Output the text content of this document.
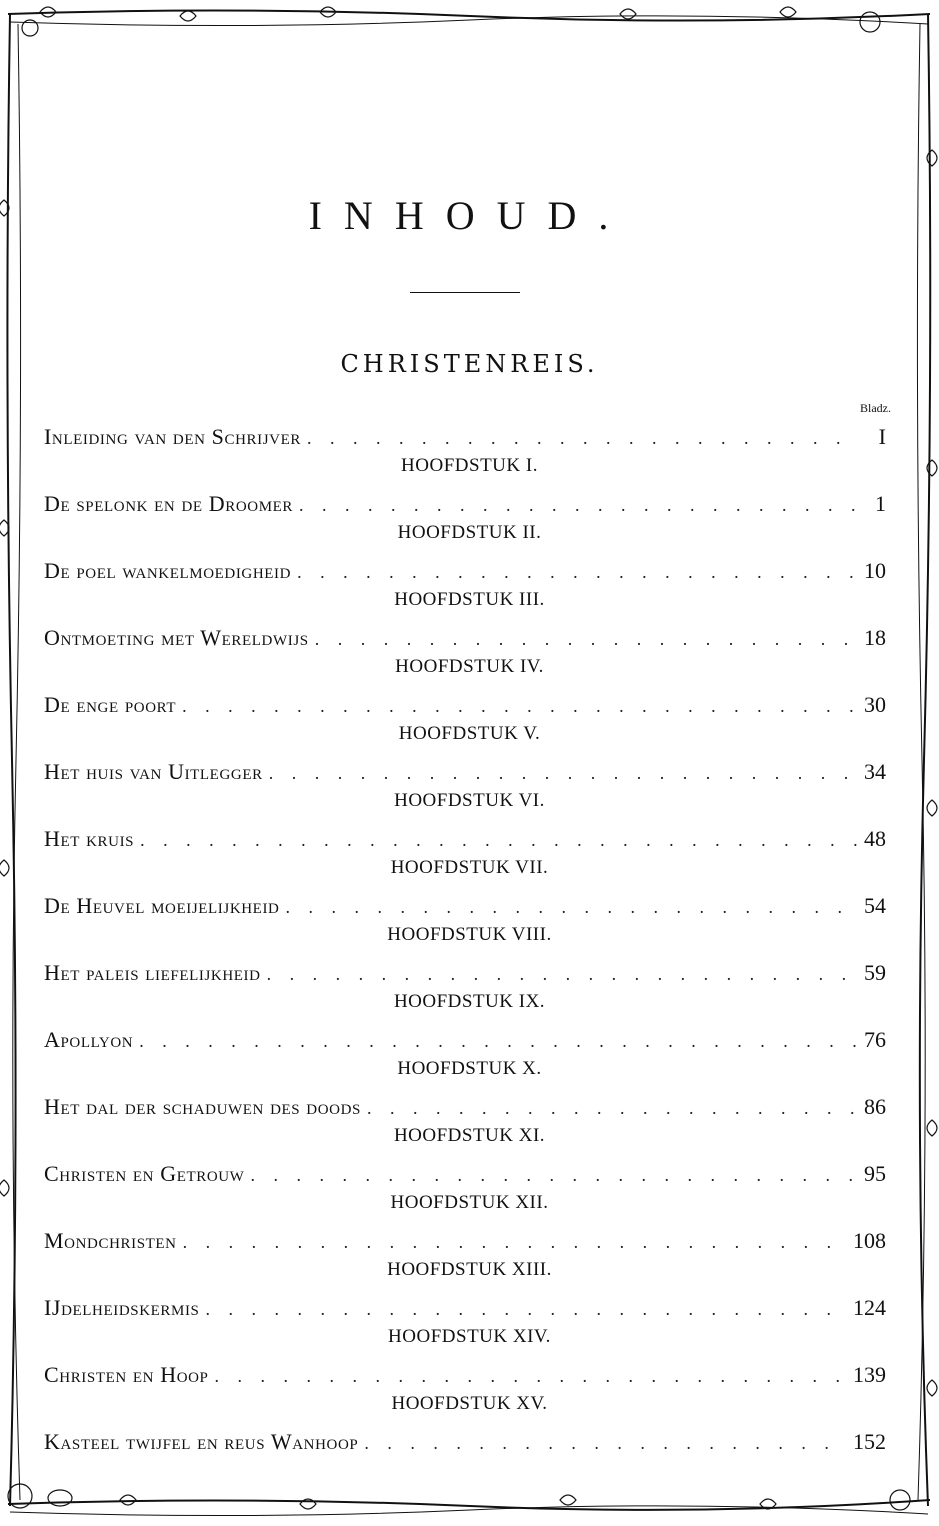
INHOUD.
CHRISTENREIS.
Bladz.
Inleiding van den Schrijver . . .	I
HOOFDSTUK I.
De spelonk en de Droomer . . .	1
HOOFDSTUK II.
De poel wankelmoedigheid . . .	10
HOOFDSTUK III.
Ontmoeting met Wereldwijs . . .	18
HOOFDSTUK IV.
De enge poort . . .	30
HOOFDSTUK V.
Het huis van Uitlegger . . .	34
HOOFDSTUK VI.
Het kruis . . .	48
HOOFDSTUK VII.
De Heuvel moeijelijkheid . . .	54
HOOFDSTUK VIII.
Het paleis liefelijkheid . . .	59
HOOFDSTUK IX.
Apollyon . . .	76
HOOFDSTUK X.
Het dal der schaduwen des doods . . .	86
HOOFDSTUK XI.
Christen en Getrouw . . .	95
HOOFDSTUK XII.
Mondchristen . . .	108
HOOFDSTUK XIII.
IJdelheidskermis . . .	124
HOOFDSTUK XIV.
Christen en Hoop . . .	139
HOOFDSTUK XV.
Kasteel twijfel en reus Wanhoop . . .	152
